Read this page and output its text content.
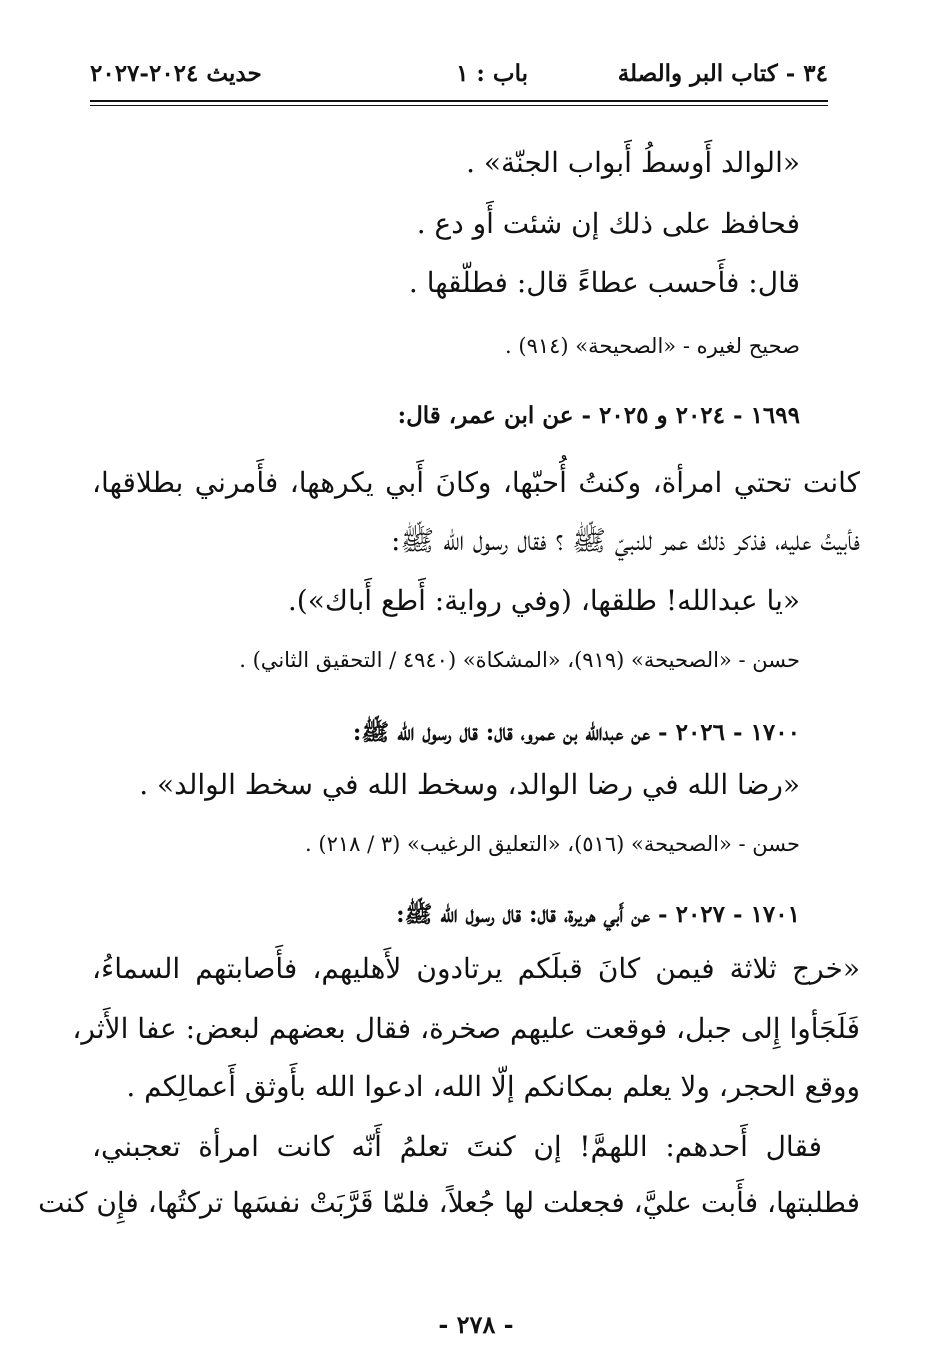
٣٤ - كتاب البر والصلة
باب : ١
حديث ٢٠٢٤-٢٠٢٧
«الوالد أَوسطُ أَبواب الجنّة» .
فحافظ على ذلك إن شئت أَو دع .
قال: فأَحسب عطاءً قال: فطلّقها .
صحيح لغيره - «الصحيحة» (٩١٤) .
١٦٩٩ - ٢٠٢٤ و ٢٠٢٥ - عن ابن عمر، قال:
كانت تحتي امرأة، وكنتُ أُحبّها، وكانَ أَبي يكرهها، فأَمرني بطلاقها،
فأبيتُ عليه، فذكر ذلك عمر للنبيّ ﷺ ؟ فقال رسول الله ﷺ:
«يا عبدالله! طلقها، (وفي رواية: أَطع أَباك»).
حسن - «الصحيحة» (٩١٩)، «المشكاة» (٤٩٤٠ / التحقيق الثاني) .
١٧٠٠ - ٢٠٢٦ - عن عبدالله بن عمرو، قال: قال رسول الله ﷺ:
«رضا الله في رضا الوالد، وسخط الله في سخط الوالد» .
حسن - «الصحيحة» (٥١٦)، «التعليق الرغيب» (٣ / ٢١٨) .
١٧٠١ - ٢٠٢٧ - عن أَبي هريرة، قال: قال رسول الله ﷺ:
«خرج ثلاثة فيمن كانَ قبلَكم يرتادون لأَهليهم، فأَصابتهم السماءُ،
فَلَجَأوا إِلى جبل، فوقعت عليهم صخرة، فقال بعضهم لبعض: عفا الأَثر،
ووقع الحجر، ولا يعلم بمكانكم إلّا الله، ادعوا الله بأَوثق أَعمالِكم .
فقال أَحدهم: اللهمَّ! إن كنتَ تعلمُ أَنّه كانت امرأة تعجبني،
فطلبتها، فأَبت عليَّ، فجعلت لها جُعلاً، فلمّا قَرَّبَتْ نفسَها تركتُها، فإِن كنت
- ٢٧٨ -
